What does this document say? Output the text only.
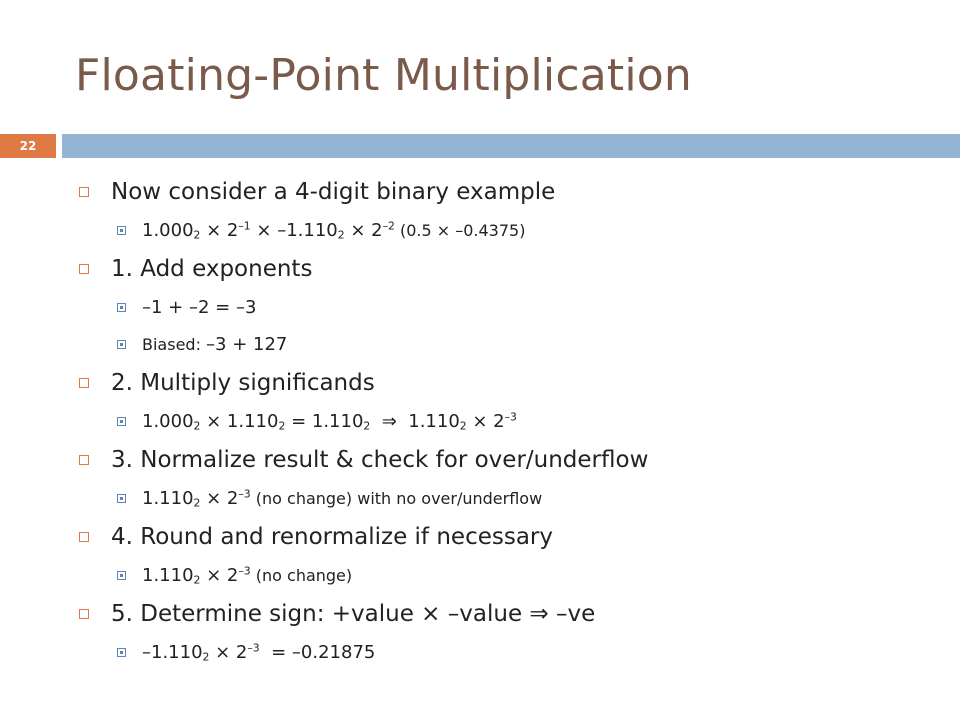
Floating-Point Multiplication
22
Now consider a 4-digit binary example
$1.000_2 \times 2^{-1} \times -1.110_2 \times 2^{-2}$ (0.5 × –0.4375)
1. Add exponents
–1 + –2 = –3
Biased: –3 + 127
2. Multiply significands
$1.000_2 \times 1.110_2 = 1.110_2$  ⇒  $1.110_2 \times 2^{-3}$
3. Normalize result & check for over/underflow
$1.110_2 \times 2^{-3}$ (no change) with no over/underflow
4. Round and renormalize if necessary
$1.110_2 \times 2^{-3}$ (no change)
5. Determine sign: +value × –value ⇒ –ve
$-1.110_2 \times 2^{-3} = -0.21875$
